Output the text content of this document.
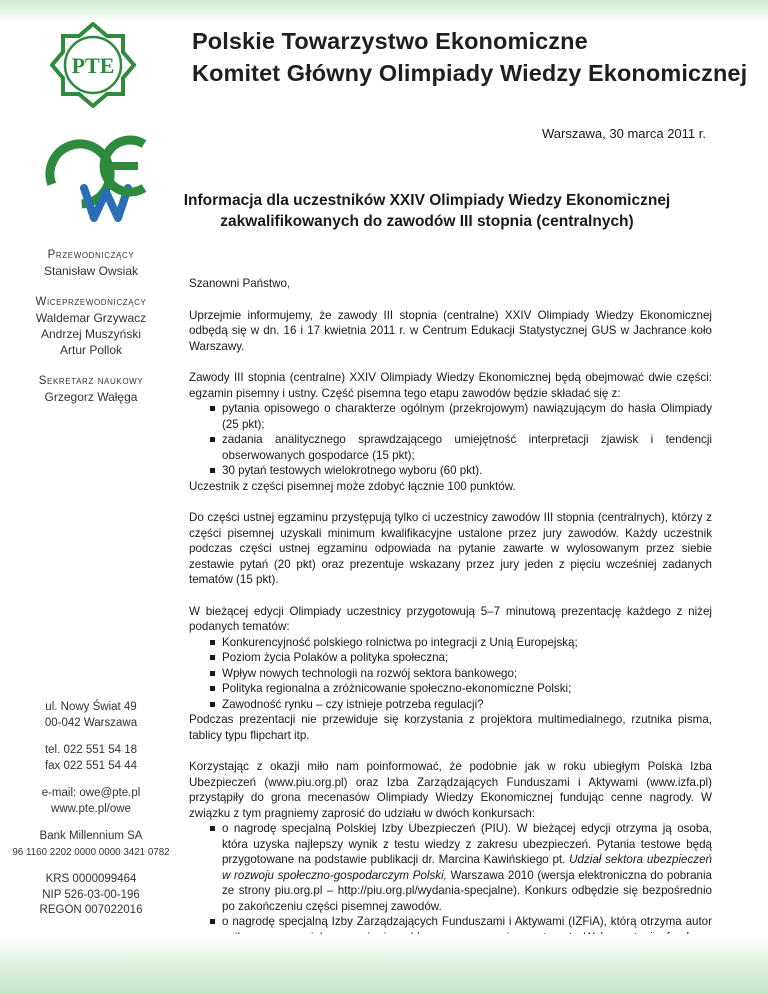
PTE
Polskie Towarzystwo Ekonomiczne
Komitet Główny Olimpiady Wiedzy Ekonomicznej
Warszawa, 30 marca 2011 r.
Informacja dla uczestników XXIV Olimpiady Wiedzy Ekonomicznej
zakwalifikowanych do zawodów III stopnia (centralnych)
Przewodniczący
Stanisław Owsiak
Wiceprzewodniczący
Waldemar Grzywacz
Andrzej Muszyński
Artur Pollok
Sekretarz naukowy
Grzegorz Wałęga
ul. Nowy Świat 49
00-042 Warszawa
tel. 022 551 54 18
fax 022 551 54 44
e-mail: owe@pte.pl
www.pte.pl/owe
Bank Millennium SA
96 1160 2202 0000 0000 3421 0782
KRS 0000099464
NIP 526-03-00-196
REGON 007022016

Szanowni Państwo,

Uprzejmie informujemy, że zawody III stopnia (centralne) XXIV Olimpiady Wiedzy Ekonomicznej odbędą się w dn. 16 i 17 kwietnia 2011 r. w Centrum Edukacji Statystycznej GUS w Jachrance koło Warszawy.

Zawody III stopnia (centralne) XXIV Olimpiady Wiedzy Ekonomicznej będą obejmować dwie części: egzamin pisemny i ustny. Część pisemna tego etapu zawodów będzie składać się z:

pytania opisowego o charakterze ogólnym (przekrojowym) nawiązującym do hasła Olimpiady (25 pkt);
zadania analitycznego sprawdzającego umiejętność interpretacji zjawisk i tendencji obserwowanych gospodarce (15 pkt);
30 pytań testowych wielokrotnego wyboru (60 pkt).

Uczestnik z części pisemnej może zdobyć łącznie 100 punktów.

Do części ustnej egzaminu przystępują tylko ci uczestnicy zawodów III stopnia (centralnych), którzy z części pisemnej uzyskali minimum kwalifikacyjne ustalone przez jury zawodów. Każdy uczestnik podczas części ustnej egzaminu odpowiada na pytanie zawarte w wylosowanym przez siebie zestawie pytań (20 pkt) oraz prezentuje wskazany przez jury jeden z pięciu wcześniej zadanych tematów (15 pkt).

W bieżącej edycji Olimpiady uczestnicy przygotowują 5–7 minutową prezentację każdego z niżej podanych tematów:

Konkurencyjność polskiego rolnictwa po integracji z Unią Europejską;
Poziom życia Polaków a polityka społeczna;
Wpływ nowych technologii na rozwój sektora bankowego;
Polityka regionalna a zróżnicowanie społeczno-ekonomiczne Polski;
Zawodność rynku – czy istnieje potrzeba regulacji?

Podczas prezentacji nie przewiduje się korzystania z projektora multimedialnego, rzutnika pisma, tablicy typu flipchart itp.

Korzystając z okazji miło nam poinformować, że podobnie jak w roku ubiegłym Polska Izba Ubezpieczeń (www.piu.org.pl) oraz Izba Zarządzających Funduszami i Aktywami (www.izfa.pl) przystąpiły do grona mecenasów Olimpiady Wiedzy Ekonomicznej fundując cenne nagrody. W związku z tym pragniemy zaprosić do udziału w dwóch konkursach:

o nagrodę specjalną Polskiej Izby Ubezpieczeń (PIU). W bieżącej edycji otrzyma ją osoba, która uzyska najlepszy wynik z testu wiedzy z zakresu ubezpieczeń. Pytania testowe będą przygotowane na podstawie publikacji dr. Marcina Kawińskiego pt. Udział sektora ubezpieczeń w rozwoju społeczno-gospodarczym Polski, Warszawa 2010 (wersja elektroniczna do pobrania ze strony piu.org.pl – http://piu.org.pl/wydania-specjalne). Konkurs odbędzie się bezpośrednio po zakończeniu części pisemnej zawodów.
o nagrodę specjalną Izby Zarządzających Funduszami i Aktywami (IZFiA), którą otrzyma autor
